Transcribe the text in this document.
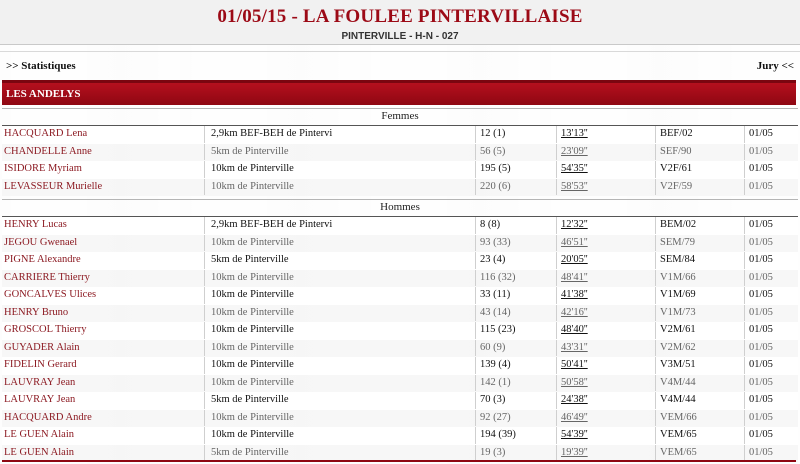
01/05/15 - LA FOULEE PINTERVILLAISE
PINTERVILLE - H-N - 027
>> Statistiques	Jury <<
LES ANDELYS
Femmes
HACQUARD Lena	2,9km BEF-BEH de Pintervi	12 (1)	13'13''	BEF/02	01/05
CHANDELLE Anne	5km de Pinterville	56 (5)	23'09''	SEF/90	01/05
ISIDORE Myriam	10km de Pinterville	195 (5)	54'35''	V2F/61	01/05
LEVASSEUR Murielle	10km de Pinterville	220 (6)	58'53''	V2F/59	01/05
Hommes
HENRY Lucas	2,9km BEF-BEH de Pintervi	8 (8)	12'32''	BEM/02	01/05
JEGOU Gwenael	10km de Pinterville	93 (33)	46'51''	SEM/79	01/05
PIGNE Alexandre	5km de Pinterville	23 (4)	20'05''	SEM/84	01/05
CARRIERE Thierry	10km de Pinterville	116 (32)	48'41''	V1M/66	01/05
GONCALVES Ulices	10km de Pinterville	33 (11)	41'38''	V1M/69	01/05
HENRY Bruno	10km de Pinterville	43 (14)	42'16''	V1M/73	01/05
GROSCOL Thierry	10km de Pinterville	115 (23)	48'40''	V2M/61	01/05
GUYADER Alain	10km de Pinterville	60 (9)	43'31''	V2M/62	01/05
FIDELIN Gerard	10km de Pinterville	139 (4)	50'41''	V3M/51	01/05
LAUVRAY Jean	10km de Pinterville	142 (1)	50'58''	V4M/44	01/05
LAUVRAY Jean	5km de Pinterville	70 (3)	24'38''	V4M/44	01/05
HACQUARD Andre	10km de Pinterville	92 (27)	46'49''	VEM/66	01/05
LE GUEN Alain	10km de Pinterville	194 (39)	54'39''	VEM/65	01/05
LE GUEN Alain	5km de Pinterville	19 (3)	19'39''	VEM/65	01/05
